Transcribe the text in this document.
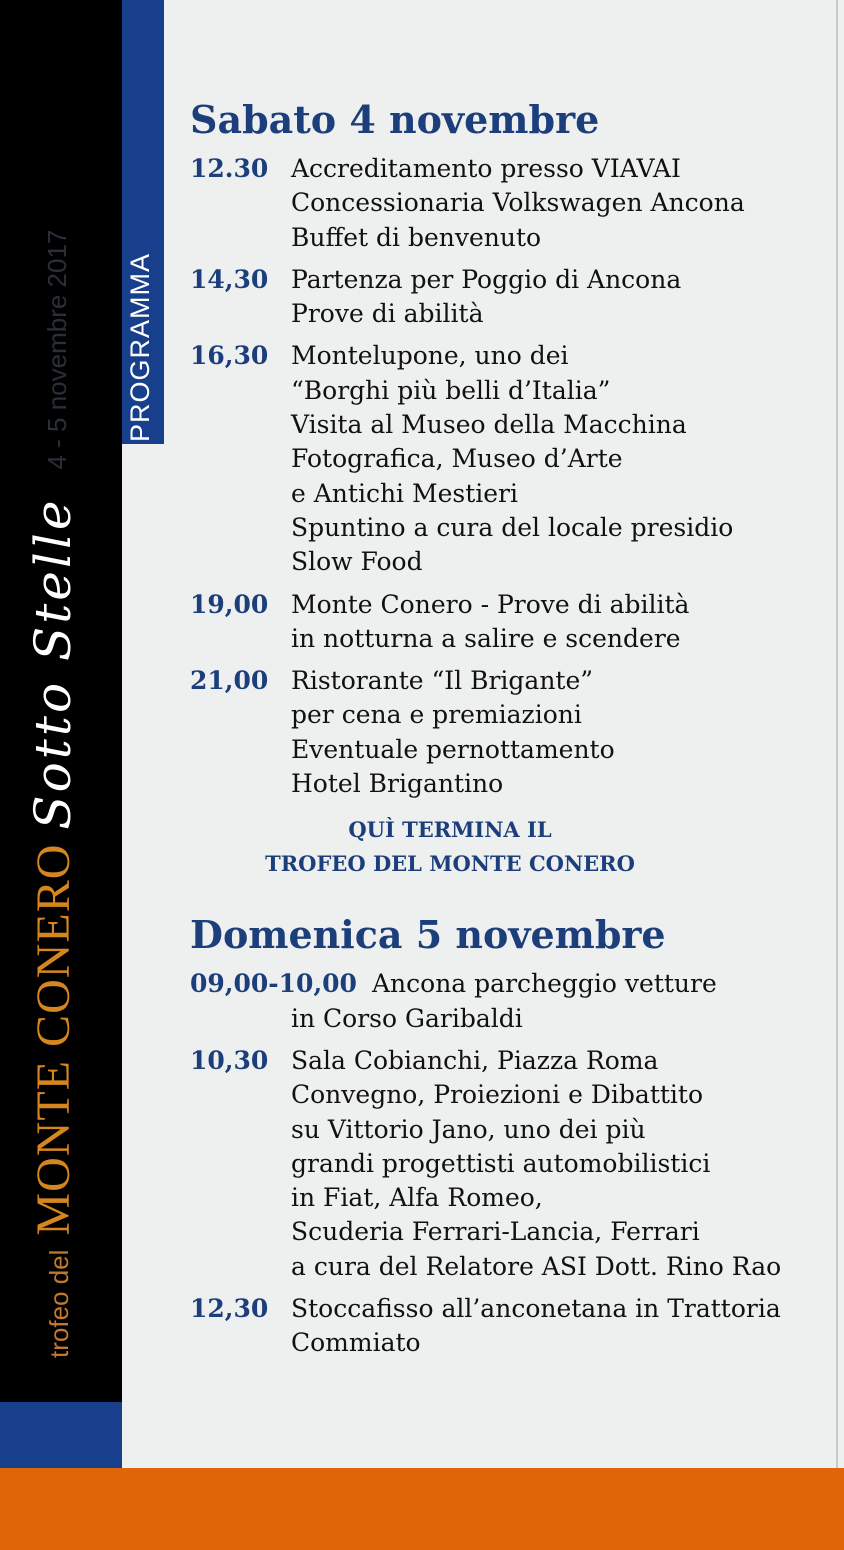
trofeo del
MONTE CONERO
Sotto Stelle
4 - 5 novembre 2017 PROGRAMMA
Sabato 4 novembre
12.30 Accreditamento presso VIAVAI
Concessionaria Volkswagen Ancona
Buffet di benvenuto
14,30 Partenza per Poggio di Ancona
Prove di abilità
16,30 Montelupone, uno dei
“Borghi più belli d’Italia”
Visita al Museo della Macchina
Fotografica, Museo d’Arte
e Antichi Mestieri
Spuntino a cura del locale presidio
Slow Food
19,00 Monte Conero - Prove di abilità
in notturna a salire e scendere
21,00 Ristorante “Il Brigante”
per cena e premiazioni
Eventuale pernottamento
Hotel Brigantino
QUÌ TERMINA IL
TROFEO DEL MONTE CONERO
Domenica 5 novembre
09,00-10,00 Ancona parcheggio vetture
in Corso Garibaldi
10,30 Sala Cobianchi, Piazza Roma
Convegno, Proiezioni e Dibattito
su Vittorio Jano, uno dei più
grandi progettisti automobilistici
in Fiat, Alfa Romeo,
Scuderia Ferrari-Lancia, Ferrari
a cura del Relatore ASI Dott. Rino Rao
12,30 Stoccafisso all’anconetana in Trattoria
Commiato
